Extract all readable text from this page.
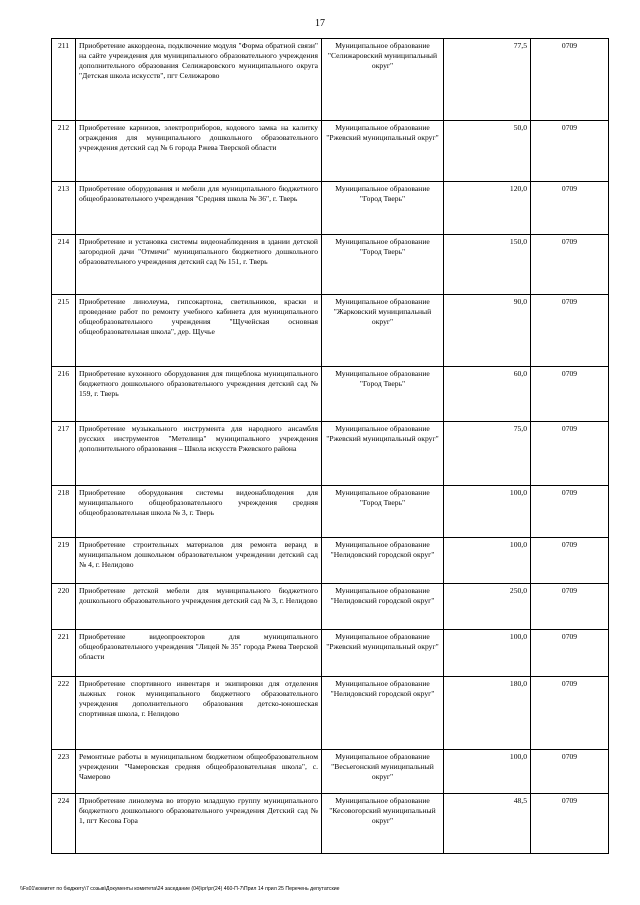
17
211	Приобретение аккордеона, подключение модуля "Форма обратной связи" на сайте учреждения для муниципального образовательного учреждения дополнительного образования Селижаровского муниципального округа "Детская школа искусств", пгт Селижарово	Муниципальное образование "Селижаровский муниципальный округ"	77,5	0709
212	Приобретение карнизов, электроприборов, кодового замка на калитку ограждения для муниципального дошкольного образовательного учреждения детский сад № 6 города Ржева Тверской области	Муниципальное образование "Ржевский муниципальный округ"	50,0	0709
213	Приобретение оборудования и мебели для муниципального бюджетного общеобразовательного учреждения "Средняя школа № 36", г. Тверь	Муниципальное образование "Город Тверь"	120,0	0709
214	Приобретение и установка системы видеонаблюдения в здании детской загородной дачи "Отмичи" муниципального бюджетного дошкольного образовательного учреждения детский сад № 151, г. Тверь	Муниципальное образование "Город Тверь"	150,0	0709
215	Приобретение линолеума, гипсокартона, светильников, краски и проведение работ по ремонту учебного кабинета для муниципального общеобразовательного учреждения "Щучейская основная общеобразовательная школа", дер. Щучье	Муниципальное образование "Жарковский муниципальный округ"	90,0	0709
216	Приобретение кухонного оборудования для пищеблока муниципального бюджетного дошкольного образовательного учреждения детский сад № 159, г. Тверь	Муниципальное образование "Город Тверь"	60,0	0709
217	Приобретение музыкального инструмента для народного ансамбля русских инструментов "Метелица" муниципального учреждения дополнительного образования – Школа искусств Ржевского района	Муниципальное образование "Ржевский муниципальный округ"	75,0	0709
218	Приобретение оборудования системы видеонаблюдения для муниципального общеобразовательного учреждения средняя общеобразовательная школа № 3, г. Тверь	Муниципальное образование "Город Тверь"	100,0	0709
219	Приобретение строительных материалов для ремонта веранд в муниципальном дошкольном образовательном учреждении детский сад № 4, г. Нелидово	Муниципальное образование "Нелидовский городской округ"	100,0	0709
220	Приобретение детской мебели для муниципального бюджетного дошкольного образовательного учреждения детский сад № 3, г. Нелидово	Муниципальное образование "Нелидовский городской округ"	250,0	0709
221	Приобретение видеопроекторов для муниципального общеобразовательного учреждения "Лицей № 35" города Ржева Тверской области	Муниципальное образование "Ржевский муниципальный округ"	100,0	0709
222	Приобретение спортивного инвентаря и экипировки для отделения лыжных гонок муниципального бюджетного образовательного учреждения дополнительного образования детско-юношеская спортивная школа, г. Нелидово	Муниципальное образование "Нелидовский городской округ"	180,0	0709
223	Ремонтные работы в муниципальном бюджетном общеобразовательном учреждении "Чамеровская средняя общеобразовательная школа", с. Чамерово	Муниципальное образование "Весьегонский муниципальный округ"	100,0	0709
224	Приобретение линолеума во вторую младшую группу муниципального бюджетного дошкольного образовательного учреждения Детский сад № 1, пгт Кесова Гора	Муниципальное образование "Кесовогорский муниципальный округ"	48,5	0709
\\Fs01\комитет по бюджету\7 созыв\Документы комитета\24 заседание (04)\рг\рг(24) 460-П-7\Прил 14 прил 25 Перечень депутатские
